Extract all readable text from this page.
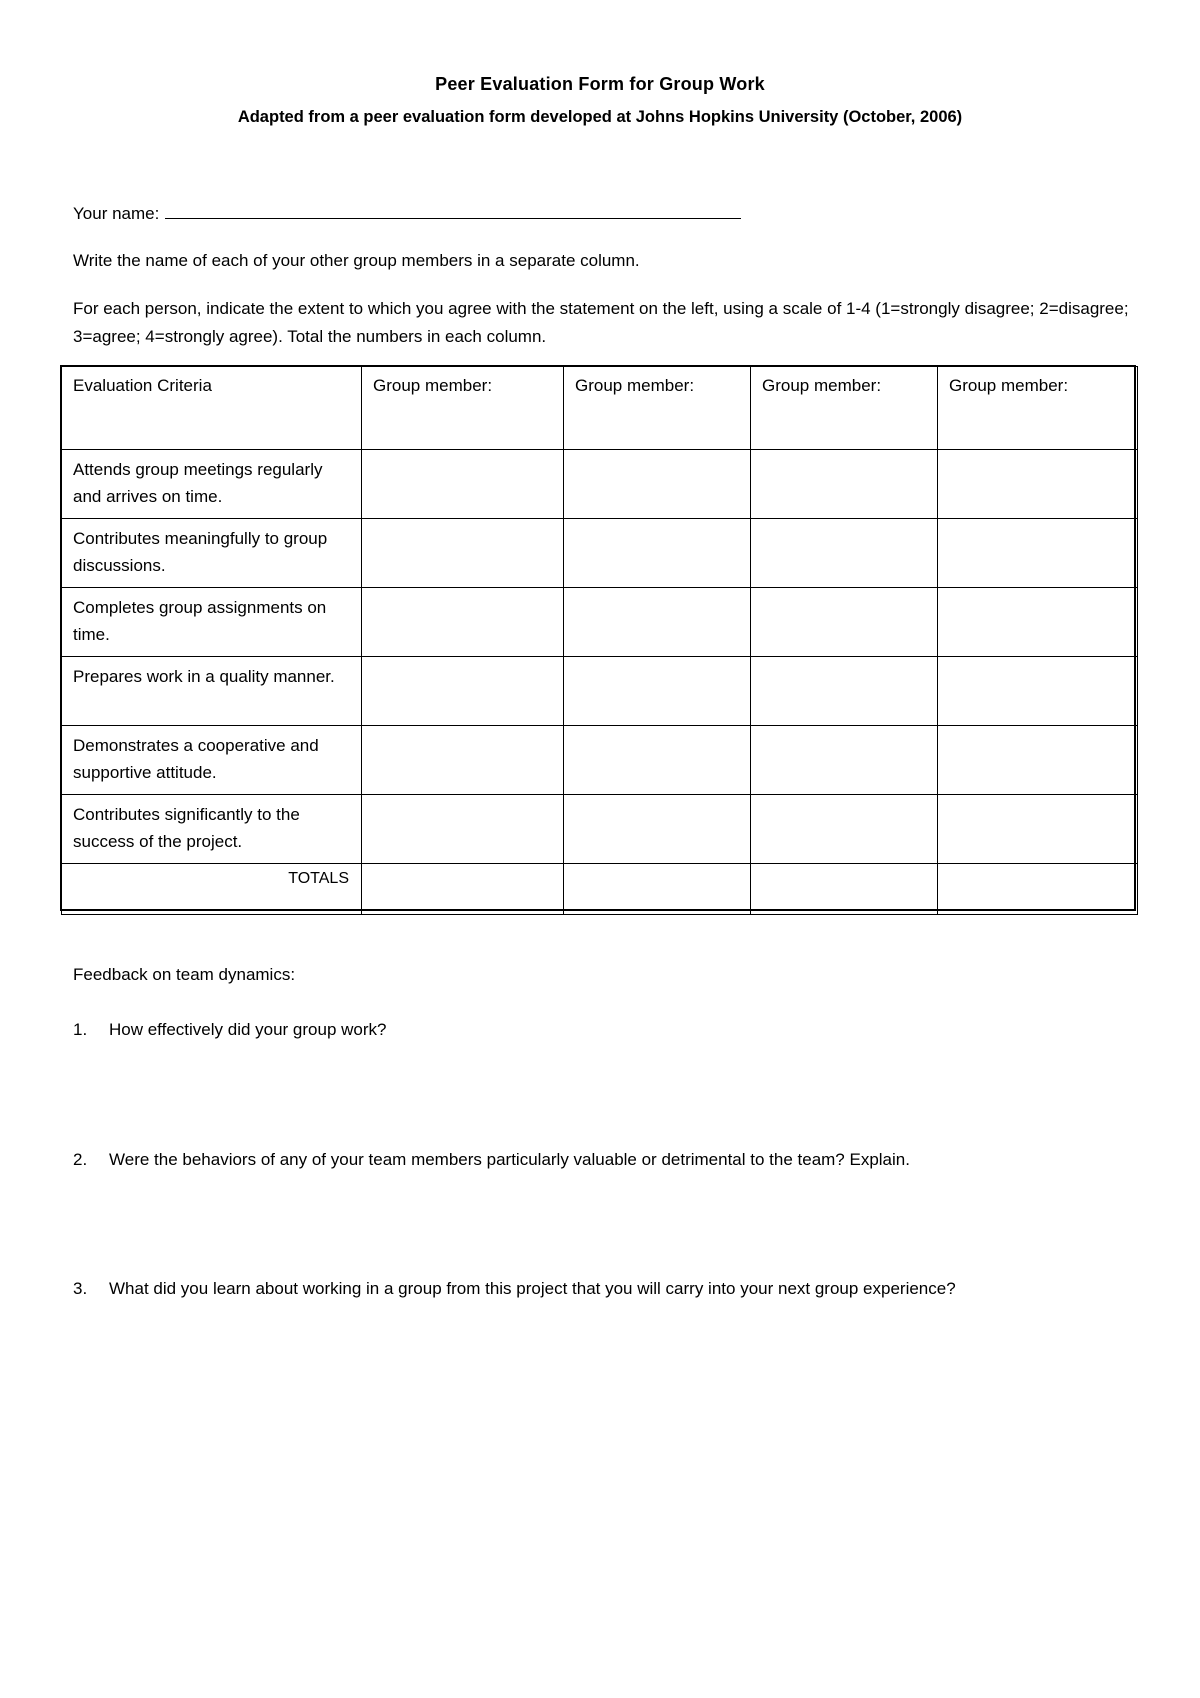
Peer Evaluation Form for Group Work
Adapted from a peer evaluation form developed at Johns Hopkins University (October, 2006)
Your name:
Write the name of each of your other group members in a separate column.
For each person, indicate the extent to which you agree with the statement on the left, using a scale of 1-4 (1=strongly disagree; 2=disagree; 3=agree; 4=strongly agree). Total the numbers in each column.
Evaluation Criteria	Group member:	Group member:	Group member:	Group member:
Attends group meetings regularly and arrives on time.				
Contributes meaningfully to group discussions.				
Completes group assignments on time.				
Prepares work in a quality manner.				
Demonstrates a cooperative and supportive attitude.				
Contributes significantly to the success of the project.				
TOTALS				
Feedback on team dynamics:
1.	How effectively did your group work?
2.	Were the behaviors of any of your team members particularly valuable or detrimental to the team? Explain.
3.	What did you learn about working in a group from this project that you will carry into your next group experience?
